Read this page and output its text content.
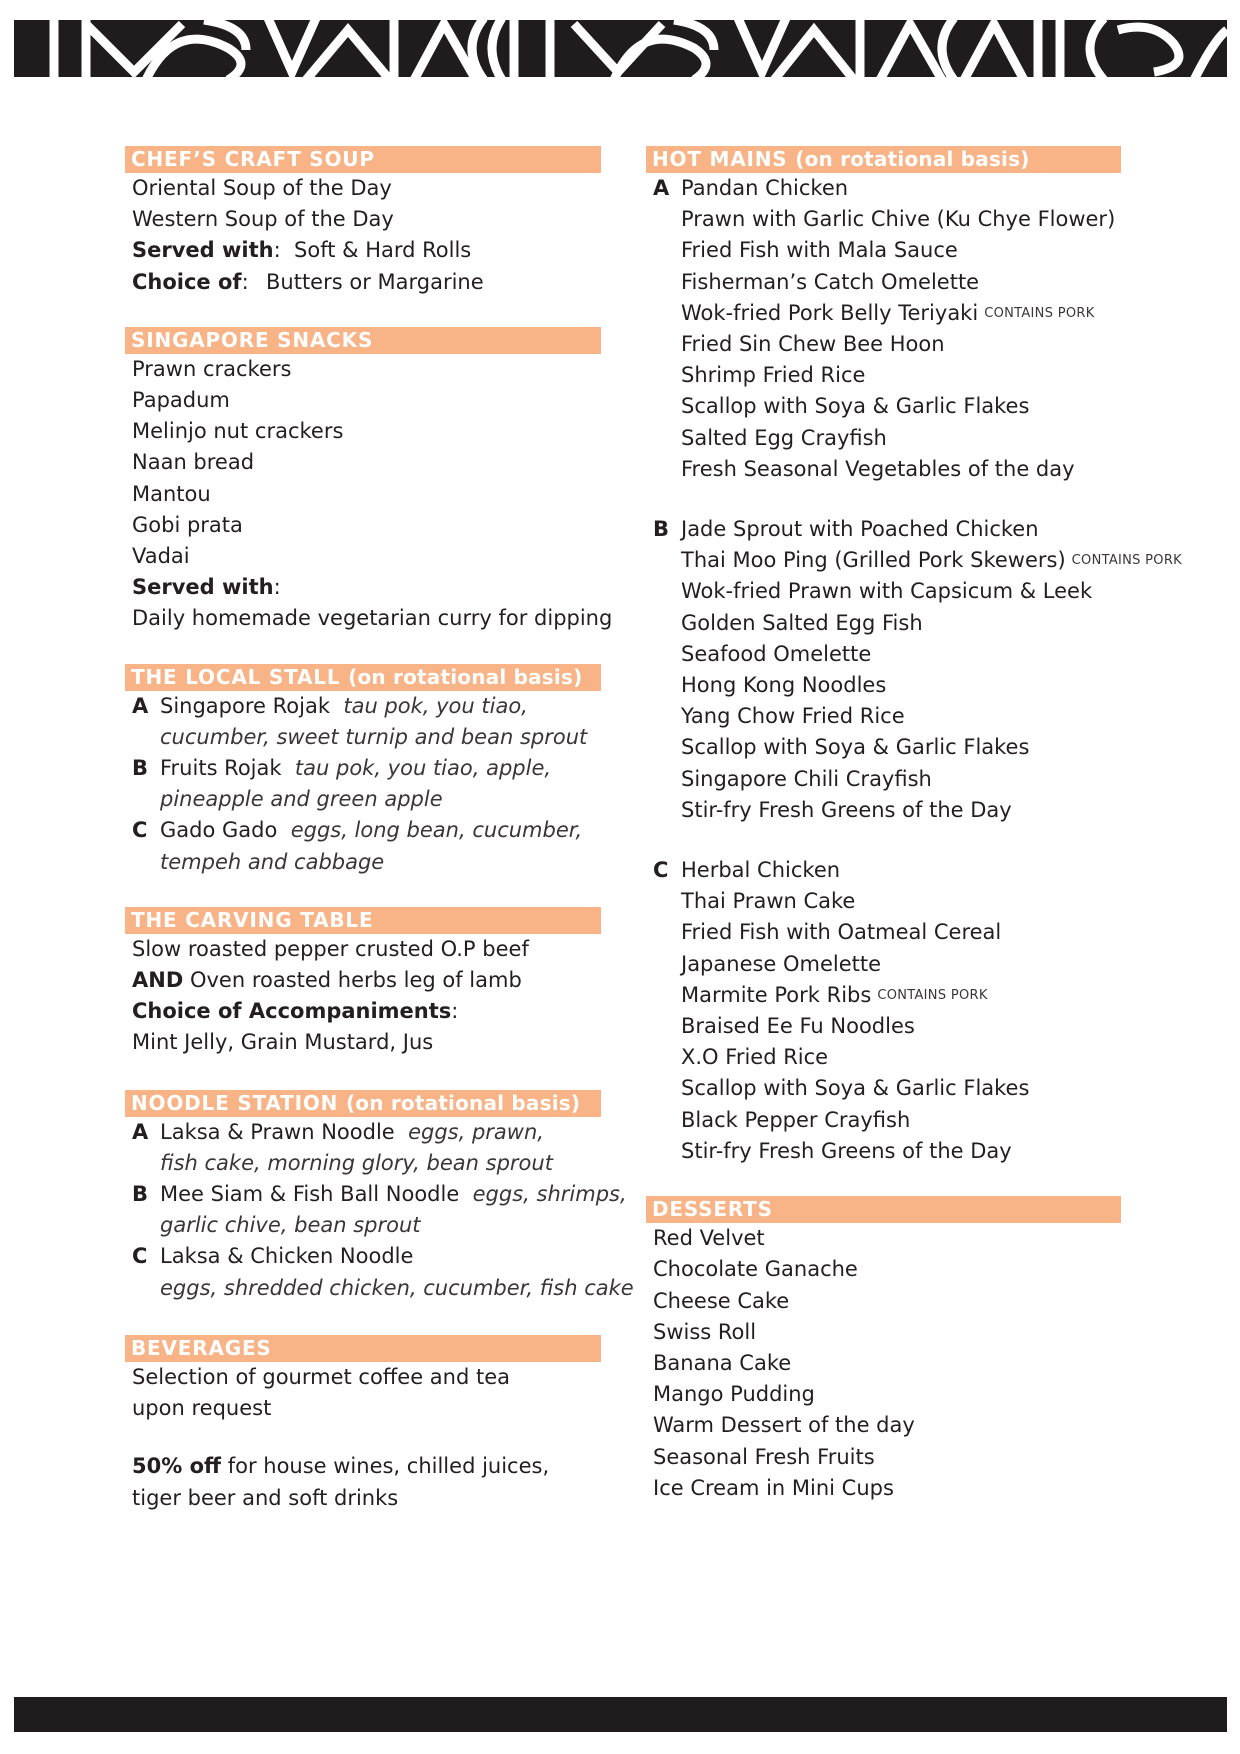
CHEF’S CRAFT SOUP
Oriental Soup of the Day
Western Soup of the Day
Served with:  Soft & Hard Rolls
Choice of: Butters or Margarine
SINGAPORE SNACKS
Prawn crackers
Papadum
Melinjo nut crackers
Naan bread
Mantou
Gobi prata
Vadai
Served with:
Daily homemade vegetarian curry for dipping
THE LOCAL STALL (on rotational basis)
A Singapore Rojak tau pok, you tiao,
cucumber, sweet turnip and bean sprout
B Fruits Rojak tau pok, you tiao, apple,
pineapple and green apple
C Gado Gado eggs, long bean, cucumber,
tempeh and cabbage
THE CARVING TABLE
Slow roasted pepper crusted O.P beef
AND Oven roasted herbs leg of lamb
Choice of Accompaniments:
Mint Jelly, Grain Mustard, Jus
NOODLE STATION (on rotational basis)
A Laksa & Prawn Noodle eggs, prawn,
fish cake, morning glory, bean sprout
B Mee Siam & Fish Ball Noodle eggs, shrimps,
garlic chive, bean sprout
C Laksa & Chicken Noodle
eggs, shredded chicken, cucumber, fish cake
BEVERAGES
Selection of gourmet coffee and tea
upon request
50% off for house wines, chilled juices,
tiger beer and soft drinks
HOT MAINS (on rotational basis)
A Pandan Chicken
Prawn with Garlic Chive (Ku Chye Flower)
Fried Fish with Mala Sauce
Fisherman’s Catch Omelette
Wok-fried Pork Belly Teriyaki CONTAINS PORK
Fried Sin Chew Bee Hoon
Shrimp Fried Rice
Scallop with Soya & Garlic Flakes
Salted Egg Crayfish
Fresh Seasonal Vegetables of the day
B Jade Sprout with Poached Chicken
Thai Moo Ping (Grilled Pork Skewers) CONTAINS PORK
Wok-fried Prawn with Capsicum & Leek
Golden Salted Egg Fish
Seafood Omelette
Hong Kong Noodles
Yang Chow Fried Rice
Scallop with Soya & Garlic Flakes
Singapore Chili Crayfish
Stir-fry Fresh Greens of the Day
C Herbal Chicken
Thai Prawn Cake
Fried Fish with Oatmeal Cereal
Japanese Omelette
Marmite Pork Ribs CONTAINS PORK
Braised Ee Fu Noodles
X.O Fried Rice
Scallop with Soya & Garlic Flakes
Black Pepper Crayfish
Stir-fry Fresh Greens of the Day
DESSERTS
Red Velvet
Chocolate Ganache
Cheese Cake
Swiss Roll
Banana Cake
Mango Pudding
Warm Dessert of the day
Seasonal Fresh Fruits
Ice Cream in Mini Cups
